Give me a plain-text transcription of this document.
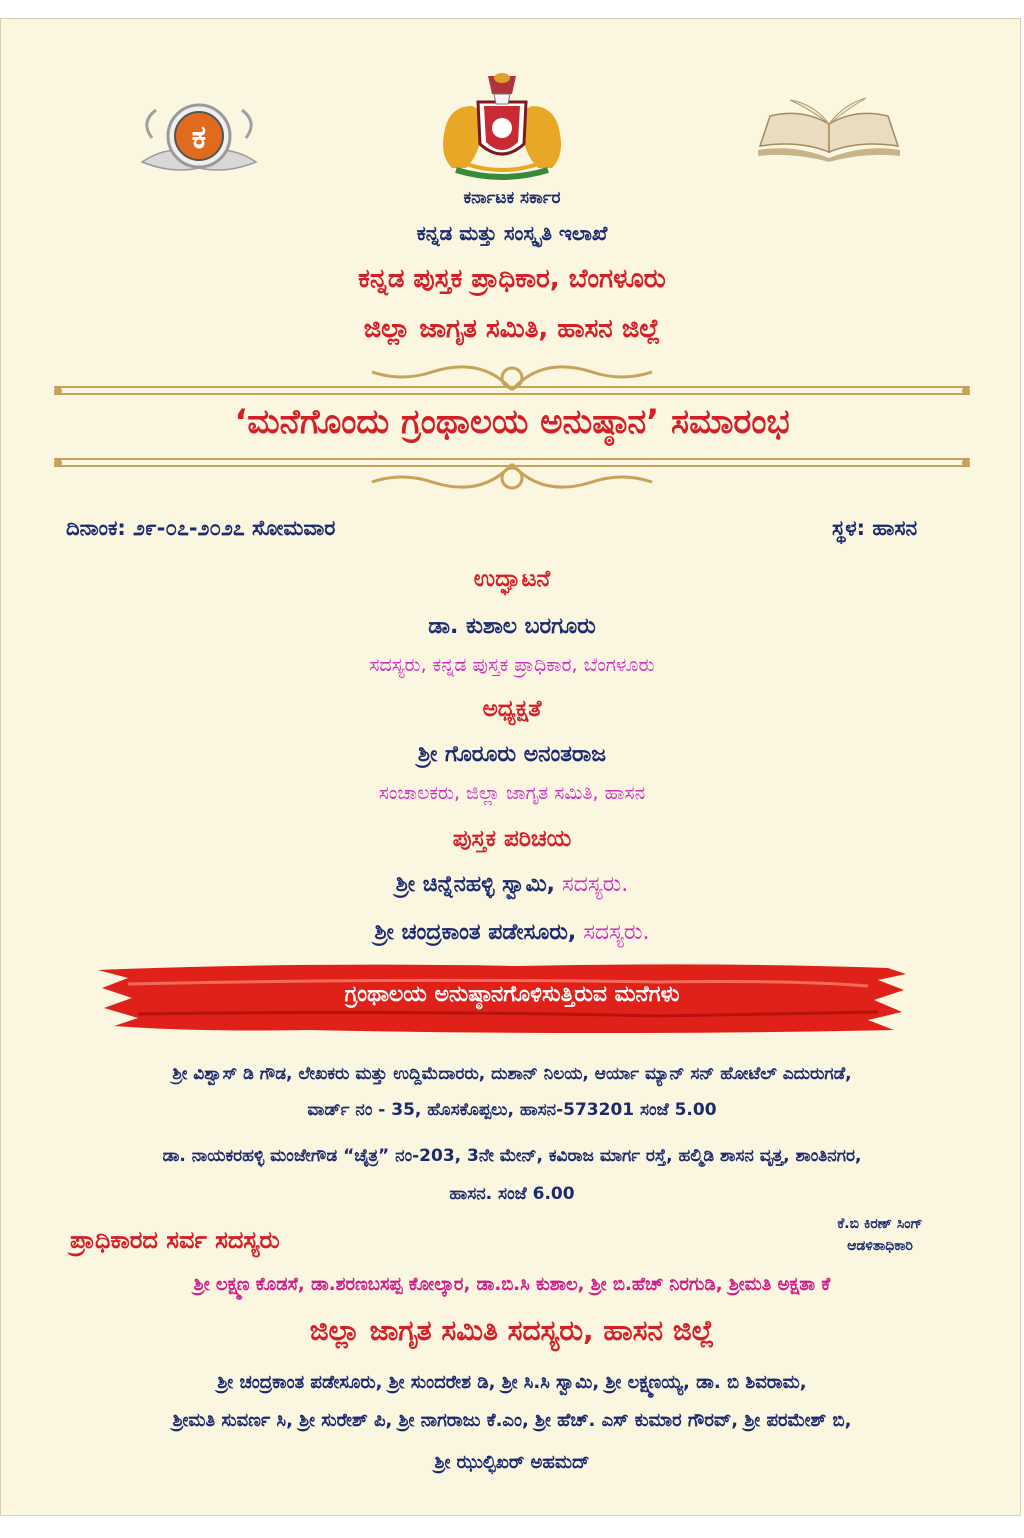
ಕ
ಕರ್ನಾಟಕ ಸರ್ಕಾರ
ಕನ್ನಡ ಮತ್ತು ಸಂಸ್ಕೃತಿ ಇಲಾಖೆ
ಕನ್ನಡ ಪುಸ್ತಕ ಪ್ರಾಧಿಕಾರ, ಬೆಂಗಳೂರು
ಜಿಲ್ಲಾ ಜಾಗೃತ ಸಮಿತಿ, ಹಾಸನ ಜಿಲ್ಲೆ
‘ಮನೆಗೊಂದು ಗ್ರಂಥಾಲಯ ಅನುಷ್ಠಾನ’ ಸಮಾರಂಭ
ದಿನಾಂಕ: ೨೯-೦೭-೨೦೨೭ ಸೋಮವಾರ	ಸ್ಥಳ: ಹಾಸನ
ಉದ್ಘಾಟನೆ
ಡಾ. ಕುಶಾಲ ಬರಗೂರು
ಸದಸ್ಯರು, ಕನ್ನಡ ಪುಸ್ತಕ ಪ್ರಾಧಿಕಾರ, ಬೆಂಗಳೂರು
ಅಧ್ಯಕ್ಷತೆ
ಶ್ರೀ ಗೊರೂರು ಅನಂತರಾಜ
ಸಂಚಾಲಕರು, ಜಿಲ್ಲಾ ಜಾಗೃತ ಸಮಿತಿ, ಹಾಸನ
ಪುಸ್ತಕ ಪರಿಚಯ
ಶ್ರೀ ಚಿನ್ನೆನಹಳ್ಳಿ ಸ್ವಾಮಿ, ಸದಸ್ಯರು.
ಶ್ರೀ ಚಂದ್ರಕಾಂತ ಪಡೇಸೂರು, ಸದಸ್ಯರು.
ಗ್ರಂಥಾಲಯ ಅನುಷ್ಠಾನಗೊಳಿಸುತ್ತಿರುವ ಮನೆಗಳು
ಶ್ರೀ ವಿಶ್ವಾಸ್ ಡಿ ಗೌಡ, ಲೇಖಕರು ಮತ್ತು ಉದ್ದಿಮೆದಾರರು, ದುಶಾನ್ ನಿಲಯ, ಆರ್ಯಾ ಮ್ಯಾನ್ ಸನ್ ಹೋಟೆಲ್ ಎದುರುಗಡೆ,
ವಾರ್ಡ್ ನಂ - 35, ಹೊಸಕೊಪ್ಪಲು, ಹಾಸನ-573201 ಸಂಜೆ 5.00
ಡಾ. ನಾಯಕರಹಳ್ಳಿ ಮಂಜೇಗೌಡ “ಚೈತ್ರ” ನಂ-203, 3ನೇ ಮೇನ್, ಕವಿರಾಜ ಮಾರ್ಗ ರಸ್ತೆ, ಹಲ್ಮಿಡಿ ಶಾಸನ ವೃತ್ತ, ಶಾಂತಿನಗರ,
ಹಾಸನ. ಸಂಜೆ 6.00
ಪ್ರಾಧಿಕಾರದ ಸರ್ವ ಸದಸ್ಯರು
ಕೆ.ಬಿ ಕಿರಣ್ ಸಿಂಗ್
ಆಡಳಿತಾಧಿಕಾರಿ
ಶ್ರೀ ಲಕ್ಷ್ಮಣ ಕೊಡಸೆ, ಡಾ.ಶರಣಬಸಪ್ಪ ಕೋಲ್ಕಾರ, ಡಾ.ಬಿ.ಸಿ ಕುಶಾಲ, ಶ್ರೀ ಬಿ.ಹೆಚ್ ನಿರಗುಡಿ, ಶ್ರೀಮತಿ ಅಕ್ಷತಾ ಕೆ
ಜಿಲ್ಲಾ ಜಾಗೃತ ಸಮಿತಿ ಸದಸ್ಯರು, ಹಾಸನ ಜಿಲ್ಲೆ
ಶ್ರೀ ಚಂದ್ರಕಾಂತ ಪಡೇಸೂರು, ಶ್ರೀ ಸುಂದರೇಶ ಡಿ, ಶ್ರೀ ಸಿ.ಸಿ ಸ್ವಾಮಿ, ಶ್ರೀ ಲಕ್ಷ್ಮಣಯ್ಯ, ಡಾ. ಬಿ ಶಿವರಾಮ,
ಶ್ರೀಮತಿ ಸುವರ್ಣ ಸಿ, ಶ್ರೀ ಸುರೇಶ್ ಪಿ, ಶ್ರೀ ನಾಗರಾಜು ಕೆ.ಎಂ, ಶ್ರೀ ಹೆಚ್. ಎಸ್ ಕುಮಾರ ಗೌರವ್, ಶ್ರೀ ಪರಮೇಶ್ ಬಿ,
ಶ್ರೀ ಝುಲ್ಫಿಖರ್ ಅಹಮದ್
